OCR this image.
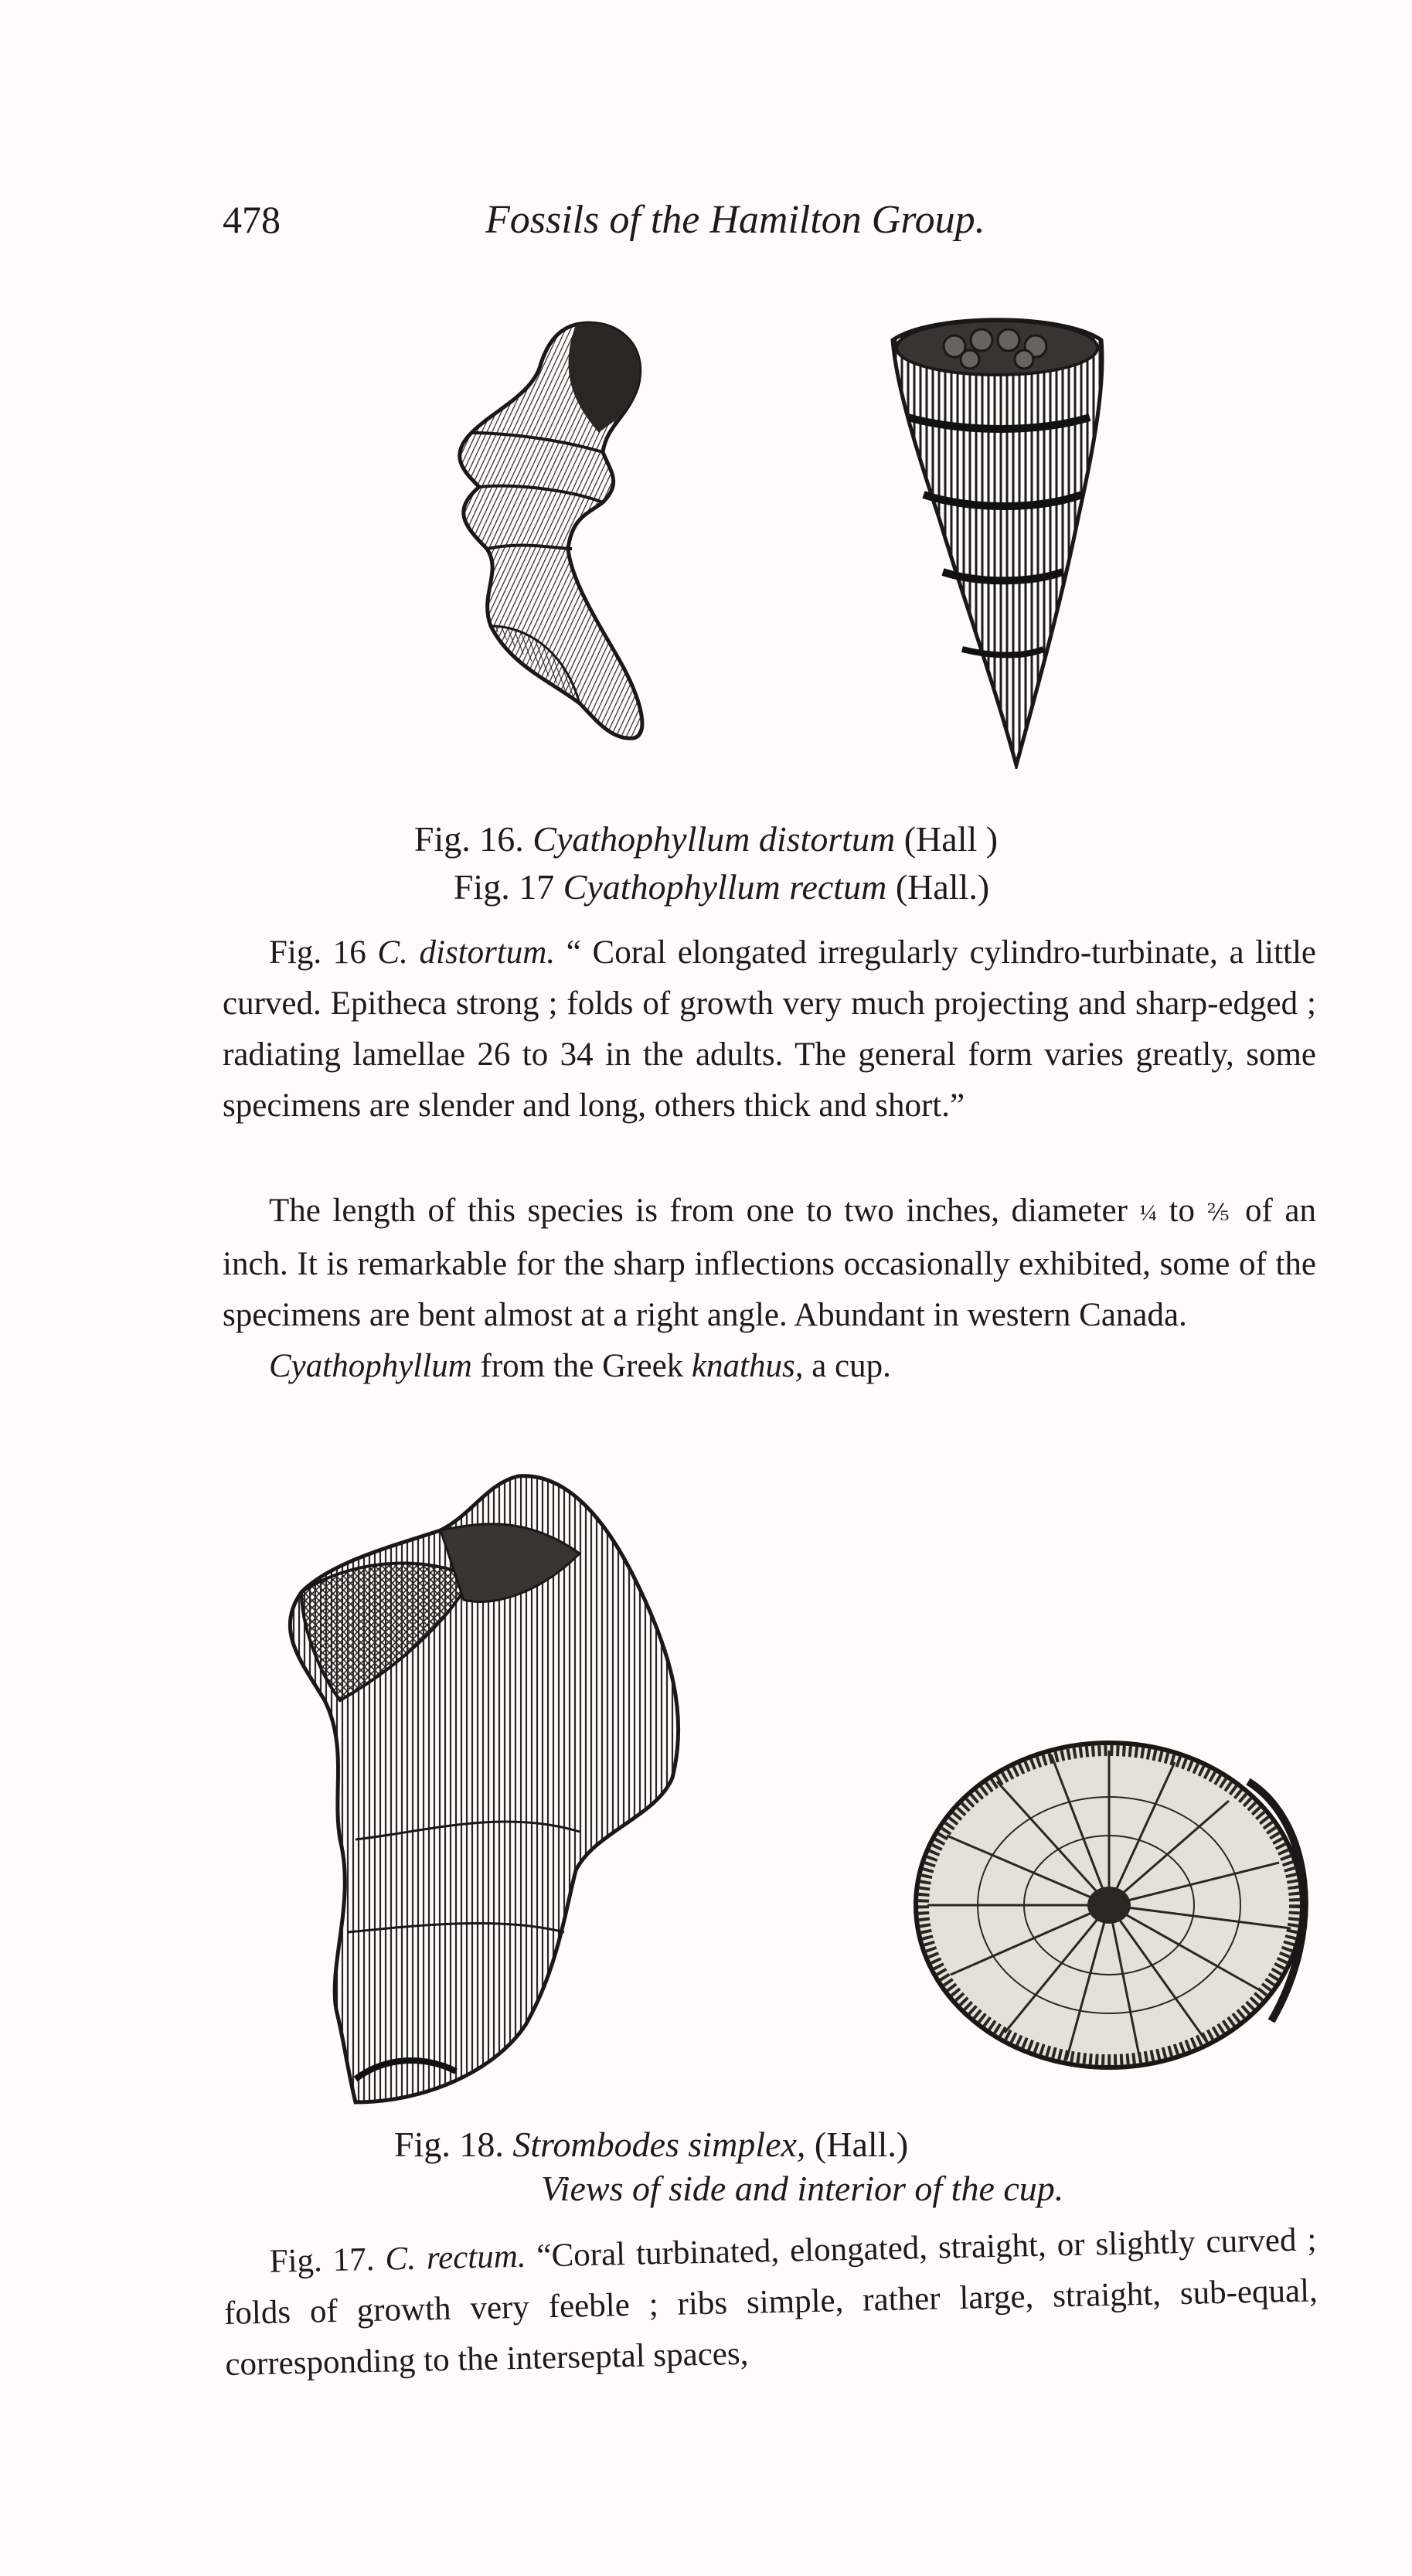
478	Fossils of the Hamilton Group.
Fig. 16. Cyathophyllum distortum (Hall )
Fig. 17 Cyathophyllum rectum (Hall.)

Fig. 16 C. distortum. “ Coral elongated irregularly cylindro-turbinate, a little curved. Epitheca strong ; folds of growth very much projecting and sharp-edged ; radiating lamellae 26 to 34 in the adults. The general form varies greatly, some specimens are slender and long, others thick and short.”

The length of this species is from one to two inches, diameter ¼ to ⅖ of an inch. It is remarkable for the sharp inflections occasionally exhibited, some of the specimens are bent almost at a right angle. Abundant in western Canada.

Cyathophyllum from the Greek knathus, a cup.

Fig. 18. Strombodes simplex, (Hall.)
Views of side and interior of the cup.

Fig. 17. C. rectum. “Coral turbinated, elongated, straight, or slightly curved ; folds of growth very feeble ; ribs simple, rather large, straight, sub-equal, corresponding to the interseptal spaces,
